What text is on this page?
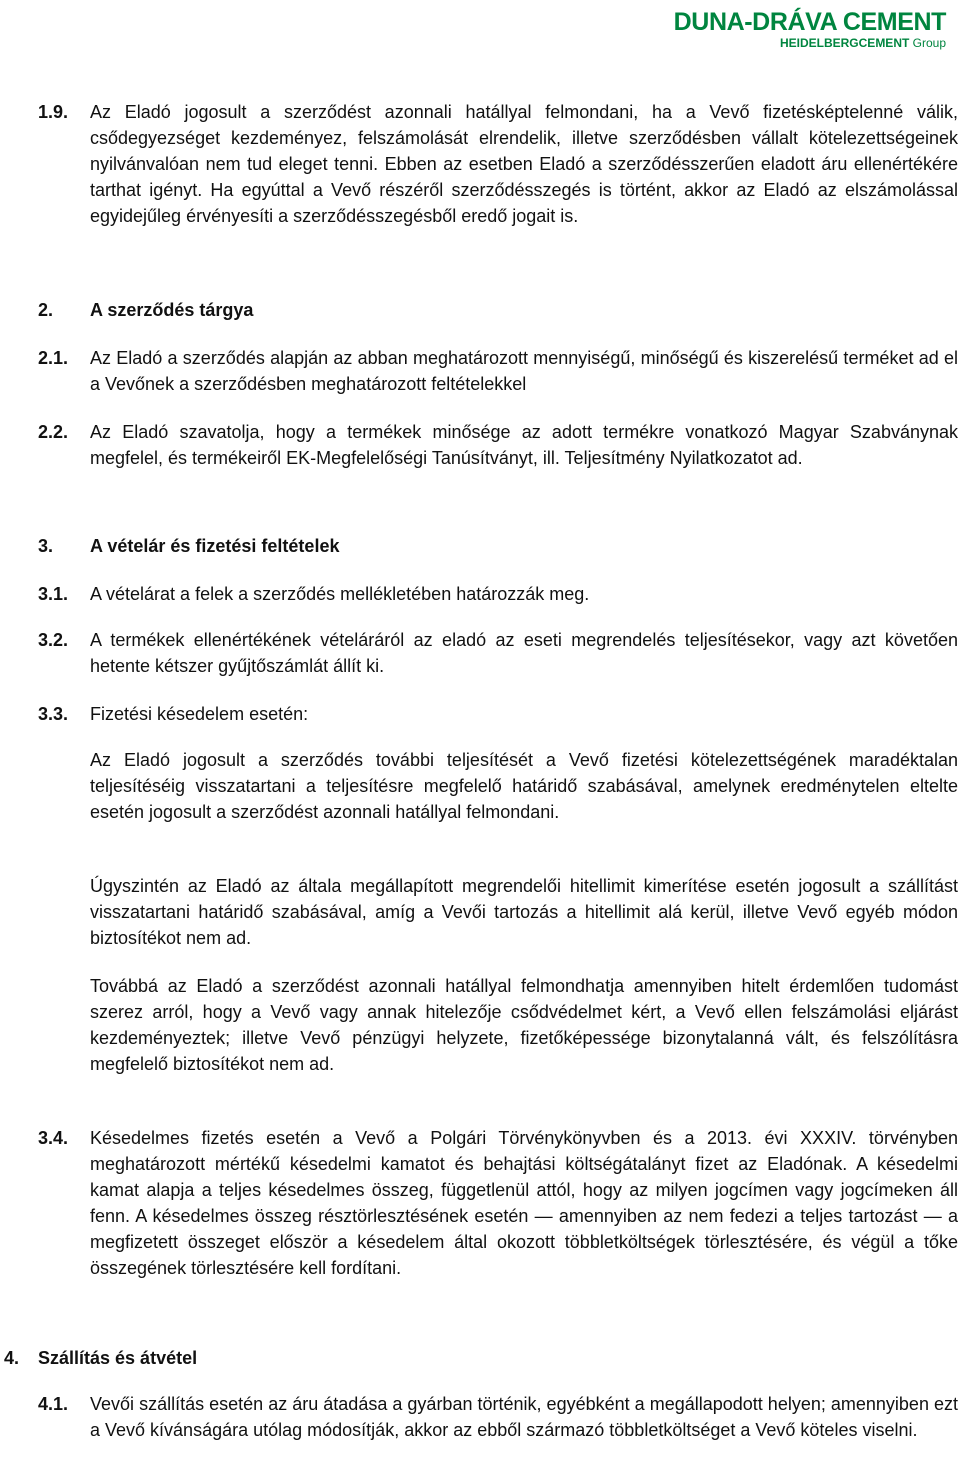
DUNA-DRÁVA CEMENT
HEIDELBERGCEMENT Group
1.9.	Az Eladó jogosult a szerződést azonnali hatállyal felmondani, ha a Vevő fizetésképtelenné válik, csődegyezséget kezdeményez, felszámolását elrendelik, illetve szerződésben vállalt kötelezettségeinek nyilvánvalóan nem tud eleget tenni. Ebben az esetben Eladó a szerződésszerűen eladott áru ellenértékére tarthat igényt. Ha egyúttal a Vevő részéről szerződésszegés is történt, akkor az Eladó az elszámolással egyidejűleg érvényesíti a szerződésszegésből eredő jogait is.
2.	A szerződés tárgya
2.1.	Az Eladó a szerződés alapján az abban meghatározott mennyiségű, minőségű és kiszerelésű terméket ad el a Vevőnek a szerződésben meghatározott feltételekkel
2.2.	Az Eladó szavatolja, hogy a termékek minősége az adott termékre vonatkozó Magyar Szabványnak megfelel, és termékeiről EK-Megfelelőségi Tanúsítványt, ill. Teljesítmény Nyilatkozatot ad.
3.	A vételár és fizetési feltételek
3.1.	A vételárat a felek a szerződés mellékletében határozzák meg.
3.2.	A termékek ellenértékének vételáráról az eladó az eseti megrendelés teljesítésekor, vagy azt követően hetente kétszer gyűjtőszámlát állít ki.
3.3.	Fizetési késedelem esetén:
Az Eladó jogosult a szerződés további teljesítését a Vevő fizetési kötelezettségének maradéktalan teljesítéséig visszatartani a teljesítésre megfelelő határidő szabásával, amelynek eredménytelen eltelte esetén jogosult a szerződést azonnali hatállyal felmondani.
Úgyszintén az Eladó az általa megállapított megrendelői hitellimit kimerítése esetén jogosult a szállítást visszatartani határidő szabásával, amíg a Vevői tartozás a hitellimit alá kerül, illetve Vevő egyéb módon biztosítékot nem ad.
Továbbá az Eladó a szerződést azonnali hatállyal felmondhatja amennyiben hitelt érdemlően tudomást szerez arról, hogy a Vevő vagy annak hitelezője csődvédelmet kért, a Vevő ellen felszámolási eljárást kezdeményeztek; illetve Vevő pénzügyi helyzete, fizetőképessége bizonytalanná vált, és felszólításra megfelelő biztosítékot nem ad.
3.4.	Késedelmes fizetés esetén a Vevő a Polgári Törvénykönyvben és a 2013. évi XXXIV. törvényben meghatározott mértékű késedelmi kamatot és behajtási költségátalányt fizet az Eladónak. A késedelmi kamat alapja a teljes késedelmes összeg, függetlenül attól, hogy az milyen jogcímen vagy jogcímeken áll fenn. A késedelmes összeg résztörlesztésének esetén — amennyiben az nem fedezi a teljes tartozást — a megfizetett összeget először a késedelem által okozott többletköltségek törlesztésére, és végül a tőke összegének törlesztésére kell fordítani.
4.	Szállítás és átvétel
4.1.	Vevői szállítás esetén az áru átadása a gyárban történik, egyébként a megállapodott helyen; amennyiben ezt a Vevő kívánságára utólag módosítják, akkor az ebből származó többletköltséget a Vevő köteles viselni.
